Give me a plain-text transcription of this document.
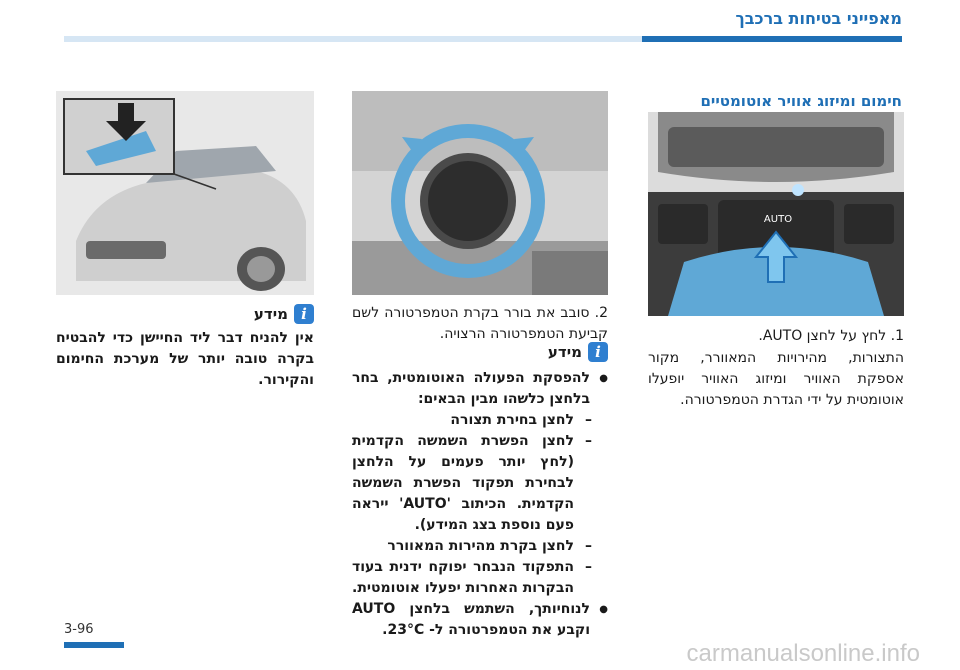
מאפייני בטיחות ברכבך
חימום ומיזוג אוויר אוטומטיים
AUTO
1. לחץ על לחצן AUTO.
התצורות, מהירויות המאוורר, מקור אספקת האוויר ומיזוג האוויר יופעלו אוטומטית על ידי הגדרת הטמפרטורה.
2. סובב את בורר בקרת הטמפרטורה לשם קביעת הטמפרטורה הרצויה.
i
מידע
● להפסקת הפעולה האוטומטית, בחר בלחצן כלשהו מבין הבאים:
– לחצן בחירת תצורה
– לחצן הפשרת השמשה הקדמית (לחץ יותר פעמים על הלחצן לבחירת תפקוד הפשרת השמשה הקדמית. הכיתוב 'AUTO' ייראה פעם נוספת בצג המידע).
– לחצן בקרת מהירות המאוורר
– התפקוד הנבחר יפוקח ידנית בעוד הבקרות האחרות יפעלו אוטומטית.
● לנוחיותך, השתמש בלחצן AUTO וקבע את הטמפרטורה ל- 23°C.
i
מידע
אין להניח דבר ליד החיישן כדי להבטיח בקרה טובה יותר של מערכת החימום והקירור.
3-96
carmanualsonline.info
